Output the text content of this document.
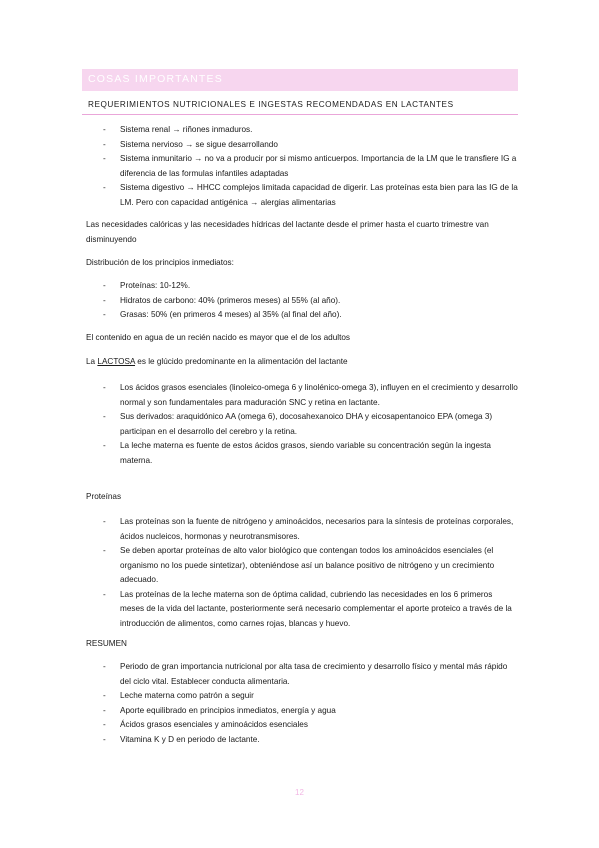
COSAS IMPORTANTES
REQUERIMIENTOS NUTRICIONALES E INGESTAS RECOMENDADAS EN LACTANTES
- Sistema renal → riñones inmaduros.
- Sistema nervioso → se sigue desarrollando
- Sistema inmunitario → no va a producir por si mismo anticuerpos. Importancia de la LM que le transfiere IG a diferencia de las formulas infantiles adaptadas
- Sistema digestivo → HHCC complejos limitada capacidad de digerir. Las proteínas esta bien para las IG de la LM. Pero con capacidad antigénica → alergias alimentarias

Las necesidades calóricas y las necesidades hídricas del lactante desde el primer hasta el cuarto trimestre van disminuyendo

Distribución de los principios inmediatos:

- Proteínas: 10-12%.
- Hidratos de carbono: 40% (primeros meses) al 55% (al año).
- Grasas: 50% (en primeros 4 meses) al 35% (al final del año).

El contenido en agua de un recién nacido es mayor que el de los adultos

La LACTOSA es le glúcido predominante en la alimentación del lactante

- Los ácidos grasos esenciales (linoleico-omega 6 y linolénico-omega 3), influyen en el crecimiento y desarrollo normal y son fundamentales para maduración SNC y retina en lactante.
- Sus derivados: araquidónico AA (omega 6), docosahexanoico DHA y eicosapentanoico EPA (omega 3) participan en el desarrollo del cerebro y la retina.
- La leche materna es fuente de estos ácidos grasos, siendo variable su concentración según la ingesta materna.

Proteínas

- Las proteínas son la fuente de nitrógeno y aminoácidos, necesarios para la síntesis de proteínas corporales, ácidos nucleicos, hormonas y neurotransmisores.
- Se deben aportar proteínas de alto valor biológico que contengan todos los aminoácidos esenciales (el organismo no los puede sintetizar), obteniéndose así un balance positivo de nitrógeno y un crecimiento adecuado.
- Las proteínas de la leche materna son de óptima calidad, cubriendo las necesidades en los 6 primeros meses de la vida del lactante, posteriormente será necesario complementar el aporte proteico a través de la introducción de alimentos, como carnes rojas, blancas y huevo.

RESUMEN

- Periodo de gran importancia nutricional por alta tasa de crecimiento y desarrollo físico y mental más rápido del ciclo vital. Establecer conducta alimentaria.
- Leche materna como patrón a seguir
- Aporte equilibrado en principios inmediatos, energía y agua
- Ácidos grasos esenciales y aminoácidos esenciales
- Vitamina K y D en periodo de lactante.
12
